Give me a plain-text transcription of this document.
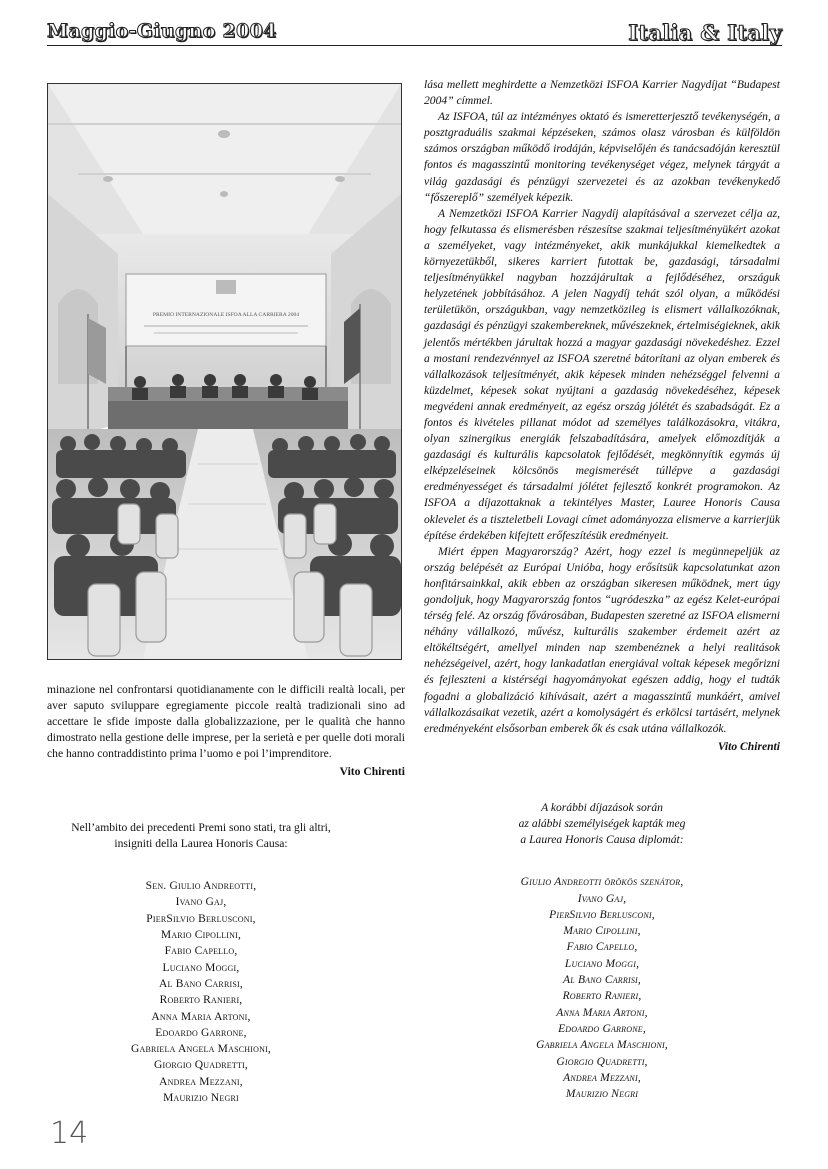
Maggio-Giugno 2004	Italia & Italy
PREMIO INTERNAZIONALE ISFOA ALLA CARRIERA 2004

lása mellett meghirdette a Nemzetközi ISFOA Karrier Nagydíjat “Budapest 2004” címmel.

Az ISFOA, túl az intézményes oktató és ismeretterjesztő tevékenységén, a posztgraduális szakmai képzéseken, számos olasz városban és külföldön számos országban működő irodáján, képviselőjén és tanácsadóján keresztül fontos és magasszintű monitoring tevékenységet végez, melynek tárgyát a világ gazdasági és pénzügyi szervezetei és az azokban tevékenykedő “főszereplő” személyek képezik.

A Nemzetközi ISFOA Karrier Nagydíj alapításával a szervezet célja az, hogy felkutassa és elismerésben részesítse szakmai teljesítményükért azokat a személyeket, vagy intézményeket, akik munkájukkal kiemelkedtek a környezetükből, sikeres karriert futottak be, gazdasági, társadalmi teljesítményükkel nagyban hozzájárultak a fejlődéséhez, országuk helyzetének jobbításához. A jelen Nagydíj tehát szól olyan, a működési területükön, országukban, vagy nemzetközileg is elismert vállalkozóknak, gazdasági és pénzügyi szakembereknek, művészeknek, értelmiségieknek, akik jelentős mértékben járultak hozzá a magyar gazdasági növekedéshez. Ezzel a mostani rendezvénnyel az ISFOA szeretné bátorítani az olyan emberek és vállalkozások teljesítményét, akik képesek minden nehézséggel felvenni a küzdelmet, képesek sokat nyújtani a gazdaság növekedéséhez, képesek megvédeni annak eredményeit, az egész ország jólétét és szabadságát. Ez a fontos és kivételes pillanat módot ad személyes találkozásokra, vitákra, olyan szinergikus energiák felszabadítására, amelyek előmozdítják a gazdasági és kulturális kapcsolatok fejlődését, megkönnyítik egymás új elképzeléseinek kölcsönös megismerését túllépve a gazdasági eredményességet és társadalmi jólétet fejlesztő konkrét programokon. Az ISFOA a díjazottaknak a tekintélyes Master, Lauree Honoris Causa oklevelet és a tiszteletbeli Lovagi címet adományozza elismerve a karrierjük építése érdekében kifejtett erőfeszítésük eredményeit.

Miért éppen Magyarország? Azért, hogy ezzel is megünnepeljük az ország belépését az Európai Unióba, hogy erősítsük kapcsolatunkat azon honfitársainkkal, akik ebben az országban sikeresen működnek, mert úgy gondoljuk, hogy Magyarország fontos “ugródeszka” az egész Kelet-európai térség felé. Az ország fővárosában, Budapesten szeretné az ISFOA elismerni néhány vállalkozó, művész, kulturális szakember érdemeit azért az eltökéltségért, amellyel minden nap szembenéznek a helyi realitások nehézségeivel, azért, hogy lankadatlan energiával voltak képesek megőrizni és fejleszteni a kistérségi hagyományokat egészen addig, hogy el tudták fogadni a globalizáció kihívásait, azért a magasszintű munkáért, amivel vállalkozásaikat vezetik, azért a komolyságért és erkölcsi tartásért, melynek eredményeként elsősorban emberek ők és csak utána vállalkozók.

Vito Chirenti

minazione nel confrontarsi quotidianamente con le difficili realtà locali, per aver saputo sviluppare egregiamente piccole realtà tradizionali sino ad accettare le sfide imposte dalla globalizzazione, per le qualità che hanno dimostrato nella gestione delle imprese, per la serietà e per quelle doti morali che hanno contraddistinto prima l’uomo e poi l’imprenditore.

Vito Chirenti

Nell’ambito dei precedenti Premi sono stati, tra gli altri,
insigniti della Laurea Honoris Causa:

Sen. Giulio Andreotti,
Ivano Gaj,
PierSilvio Berlusconi,
Mario Cipollini,
Fabio Capello,
Luciano Moggi,
Al Bano Carrisi,
Roberto Ranieri,
Anna Maria Artoni,
Edoardo Garrone,
Gabriela Angela Maschioni,
Giorgio Quadretti,
Andrea Mezzani,
Maurizio Negri

A korábbi díjazások során
az alábbi személyiségek kapták meg
a Laurea Honoris Causa diplomát:

Giulio Andreotti örökös szenátor,
Ivano Gaj,
PierSilvio Berlusconi,
Mario Cipollini,
Fabio Capello,
Luciano Moggi,
Al Bano Carrisi,
Roberto Ranieri,
Anna Maria Artoni,
Edoardo Garrone,
Gabriela Angela Maschioni,
Giorgio Quadretti,
Andrea Mezzani,
Maurizio Negri
14
